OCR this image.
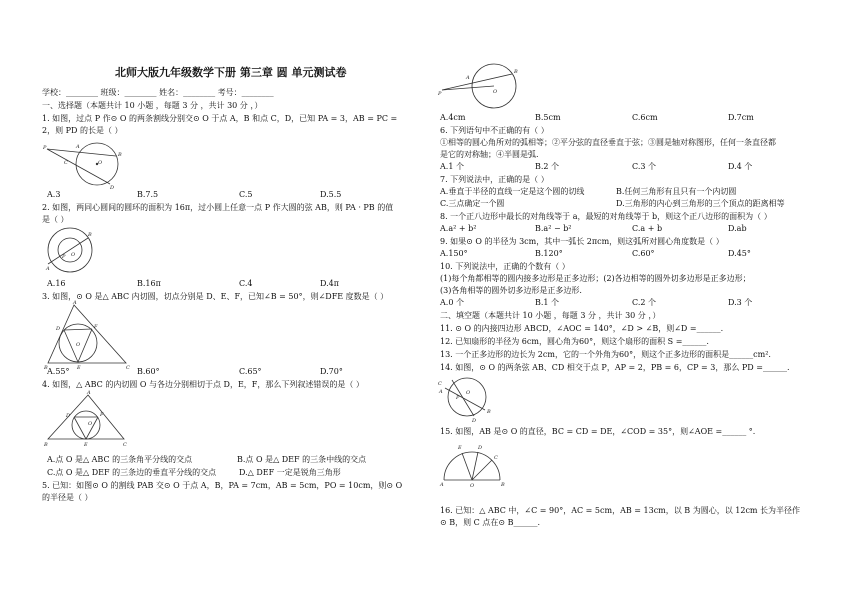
北师大版九年级数学下册 第三章 圆 单元测试卷
学校：________ 班级：________ 姓名：________ 考号：________
一、选择题（本题共计 10 小题 ，每题 3 分 ，共计 30 分 ，）
1. 如图，过点 P 作⊙ O 的两条割线分别交⊙ O 于点 A，B 和点 C，D，已知 PA = 3，AB = PC =
2，则 PD 的长是（ ）
P
C
A
O
B
D
A.3	B.7.5	C.5	D.5.5
2. 如图，两同心圆间的圆环的面积为 16π，过小圆上任意一点 P 作大圆的弦 AB，则 PA · PB 的值
是（ ）
B
P O
A
A.16	B.16π	C.4	D.4π
3. 如图，⊙ O 是△ ABC 内切圆，切点分别是 D、E、F，已知∠B = 50°，则∠DFE 度数是（ ）
A
D	F
O
B	E	C
A.55°	B.60°	C.65°	D.70°
4. 如图，△ ABC 的内切圆 O 与各边分别相切于点 D，E，F，那么下列叙述错误的是（ ）
A
D	F
O
B	E	C
A.点 O 是△ ABC 的三条角平分线的交点	B.点 O 是△ DEF 的三条中线的交点
C.点 O 是△ DEF 的三条边的垂直平分线的交点	D.△ DEF 一定是锐角三角形
5. 已知：如图⊙ O 的割线 PAB 交⊙ O 于点 A，B，PA = 7cm，AB = 5cm，PO = 10cm，则⊙ O
的半径是（ ）
P
A
O
B
A.4cm	B.5cm	C.6cm	D.7cm
6. 下列语句中不正确的有（ ）
①相等的圆心角所对的弧相等；②平分弦的直径垂直于弦；③圆是轴对称图形，任何一条直径都
是它的对称轴；④半圆是弧.
A.1 个	B.2 个	C.3 个	D.4 个
7. 下列说法中，正确的是（ ）
A.垂直于半径的直线一定是这个圆的切线	B.任何三角形有且只有一个内切圆
C.三点确定一个圆	D.三角形的内心到三角形的三个顶点的距离相等
8. 一个正八边形中最长的对角线等于 a，最短的对角线等于 b，则这个正八边形的面积为（ ）
A.a² + b²	B.a² − b²	C.a + b	D.ab
9. 如果⊙ O 的半径为 3cm，其中一弧长 2πcm，则这弧所对圆心角度数是（ ）
A.150°	B.120°	C.60°	D.45°
10. 下列说法中，正确的个数有（ ）
(1)每个角都相等的圆内接多边形是正多边形；(2)各边相等的圆外切多边形是正多边形；
(3)各角相等的圆外切多边形是正多边形.
A.0 个	B.1 个	C.2 个	D.3 个
二、填空题（本题共计 10 小题 ，每题 3 分 ，共计 30 分 ，）
11. ⊙ O 的内接四边形 ABCD，∠AOC = 140°，∠D > ∠B，则∠D =______.
12. 已知扇形的半径为 6cm，圆心角为60°，则这个扇形的面积 S =______.
13. 一个正多边形的边长为 2cm，它的一个外角为60°，则这个正多边形的面积是______cm².
14. 如图，⊙ O 的两条弦 AB、CD 相交于点 P，AP = 2，PB = 6，CP = 3，那么 PD =______.
C
A	O
P
B
D
15. 如图，AB 是⊙ O 的直径，BC = CD = DE，∠COD = 35°，则∠AOE =______ °.
E	D
C
A	O	B
16. 已知：△ ABC 中，∠C = 90°，AC = 5cm，AB = 13cm，以 B 为圆心，以 12cm 长为半径作
⊙ B，则 C 点在⊙ B______.
